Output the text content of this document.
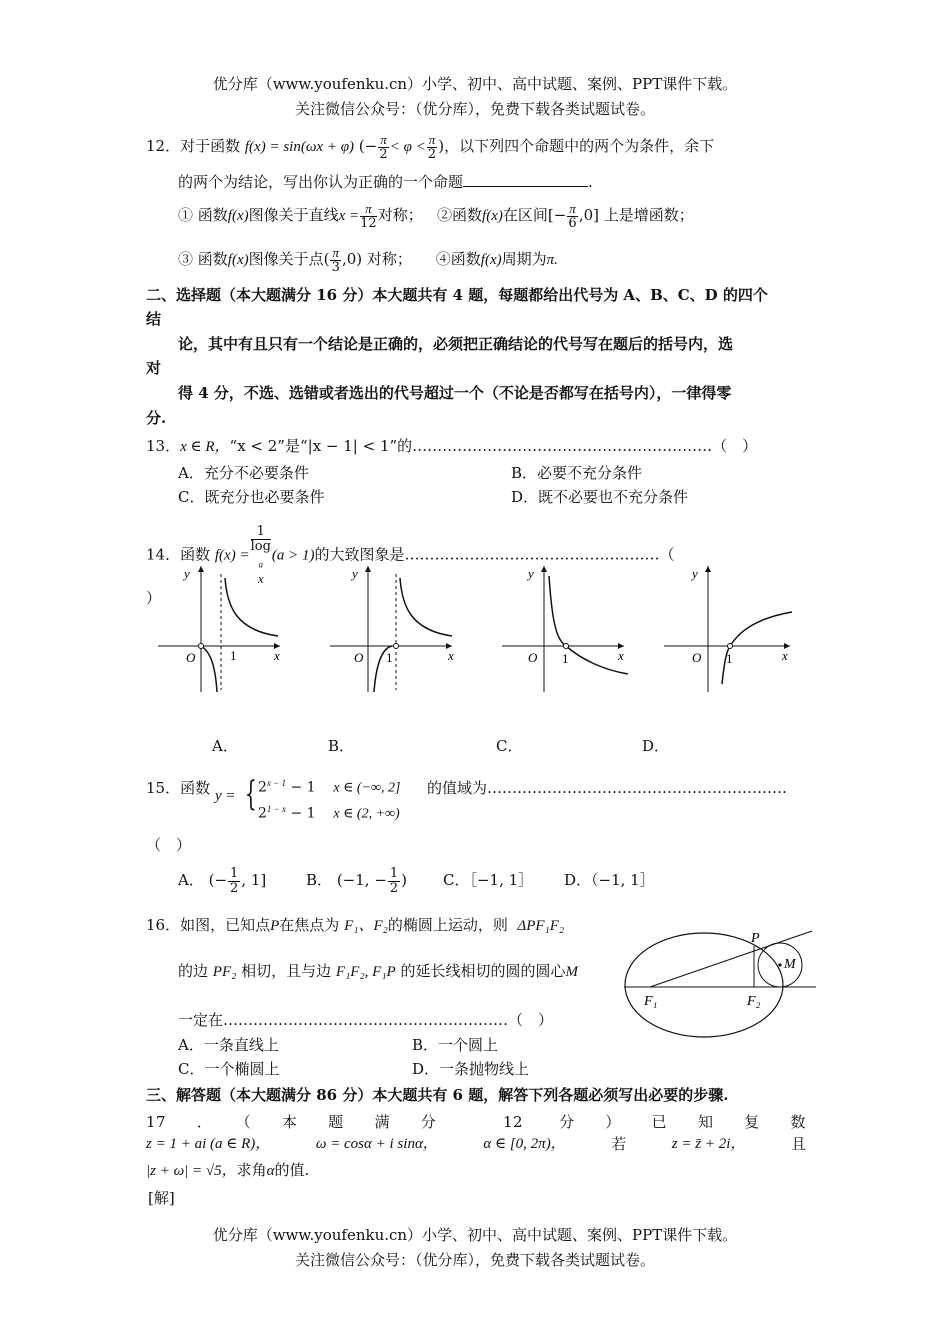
优分库（www.youfenku.cn）小学、初中、高中试题、案例、PPT课件下载。
关注微信公众号：（优分库），免费下载各类试题试卷。
12．对于函数 f(x) = sin(ωx + φ) (− $\frac{\pi}{2} < \varphi < \frac{\pi}{2}$ )，以下列四个命题中的两个为条件，余下
的两个为结论，写出你认为正确的一个命题	.
① 函数f(x)图像关于直线$x = \frac{\pi}{12}$ 对称； ②函数f(x)在区间[− $\frac{\pi}{6} ,0$] 上是增函数；
③ 函数f(x)图像关于点( $\frac{\pi}{3} ,0$) 对称； ④函数f(x)周期为π.
二、选择题（本大题满分 16 分）本大题共有 4 题，每题都给出代号为 A、B、C、D 的四个
结
论，其中有且只有一个结论是正确的，必须把正确结论的代号写在题后的括号内，选
对
得 4 分，不选、选错或者选出的代号超过一个（不论是否都写在括号内），一律得零
分.
13．x ∈ R，“x < 2”是“|x − 1| < 1”的……………………………………………………（　）
A．充分不必要条件	B．必要不充分条件
C．既充分也必要条件	D．既不必要也不充分条件
14．函数 f(x) = 1
log
$_a$
x (a > 1)的大致图象是……………………………………………（
）
y
O	1	x
y
O 1	x
y
O 1	x
y
O 1	x
A．	B．	C．	D．
15．函数 y = { $2^{x - 1} - 1$ x ∈ (−∞, 2]
$2^{1 - x} - 1$ x ∈ (2, +∞)
的值域为……………………………………………………
（　）
A． (− $\frac{1}{2}$ , 1]	B． (−1, − $\frac{1}{2}$ ) C．［−1, 1］ D．（−1, 1］
16．如图，已知点P在焦点为 F₁、F₂的椭圆上运动，则 ΔPF₁F₂
的边 PF₂ 相切，且与边 F₁F₂, F₁P 的延长线相切的圆的圆心M
一定在…………………………………………………（　）
A．一条直线上	B．一个圆上
C．一个椭圆上	D．一条抛物线上
P
M
F₁	F₂
三、解答题（本大题满分 86 分）本大题共有 6 题，解答下列各题必须写出必要的步骤.
17．（本题满分 12 分）已知复数
z = 1 + ai (a ∈ R)，	ω = cosα + i sinα，	α ∈ [0, 2π)，	若	z = z̄ + 2i，	且
|z + ω| = √5，求角α的值.
[解]
优分库（www.youfenku.cn）小学、初中、高中试题、案例、PPT课件下载。
关注微信公众号：（优分库），免费下载各类试题试卷。
